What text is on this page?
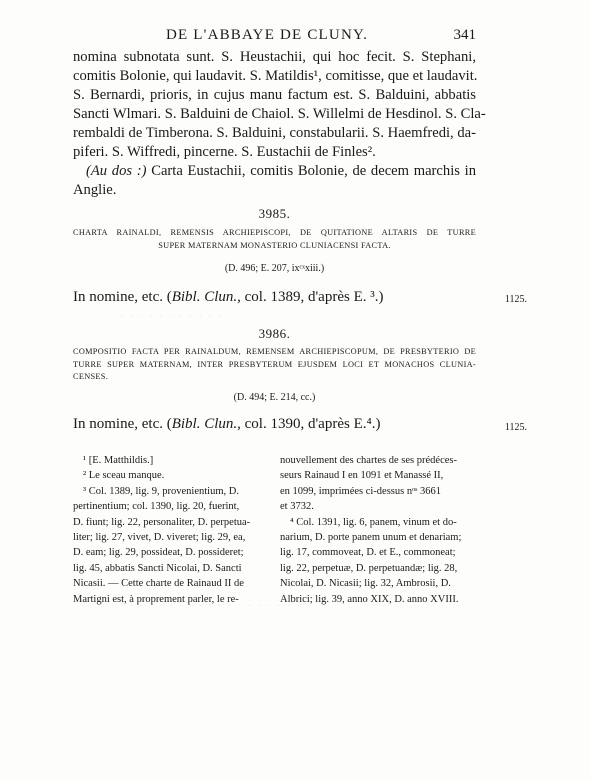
DE L'ABBAYE DE CLUNY.	341
nomina subnotata sunt. S. Heustachii, qui hoc fecit. S. Stephani,
comitis Bolonie, qui laudavit. S. Matildis¹, comitisse, que et laudavit.
S. Bernardi, prioris, in cujus manu factum est. S. Balduini, abbatis
Sancti Wlmari. S. Balduini de Chaiol. S. Willelmi de Hesdinol. S. Cla-
rembaldi de Timberona. S. Balduini, constabularii. S. Haemfredi, da-
piferi. S. Wiffredi, pincerne. S. Eustachii de Finles².
(Au dos :) Carta Eustachii, comitis Bolonie, de decem marchis in
Anglie.
3985.
CHARTA RAINALDI, REMENSIS ARCHIEPISCOPI, DE QUITATIONE ALTARIS DE TURRE
SUPER MATERNAM MONASTERIO CLUNIACENSI FACTA.
(D. 496; E. 207, ixᶜˣxiii.)
In nomine, etc. (Bibl. Clun., col. 1389, d'après E. ³.)	1125.
· · · · · · · · · · ·
3986.
COMPOSITIO FACTA PER RAINALDUM, REMENSEM ARCHIEPISCOPUM, DE PRESBYTERIO DE
TURRE SUPER MATERNAM, INTER PRESBYTERUM EJUSDEM LOCI ET MONACHOS CLUNIA-
CENSES.
(D. 494; E. 214, cc.)
In nomine, etc. (Bibl. Clun., col. 1390, d'après E.⁴.)	1125.
¹ [E. Matthildis.]
² Le sceau manque.
³ Col. 1389, lig. 9, provenientium, D.
pertinentium; col. 1390, lig. 20, fuerint,
D. fiunt; lig. 22, personaliter, D. perpetua-
liter; lig. 27, vivet, D. viveret; lig. 29, ea,
D. eam; lig. 29, possideat, D. possideret;
lig. 45, abbatis Sancti Nicolai, D. Sancti
Nicasii. — Cette charte de Rainaud II de
Martigni est, à proprement parler, le re-
nouvellement des chartes de ses prédéces-
seurs Rainaud I en 1091 et Manassé II,
en 1099, imprimées ci-dessus nᵒˢ 3661
et 3732.
⁴ Col. 1391, lig. 6, panem, vinum et do-
narium, D. porte panem unum et denariam;
lig. 17, commoveat, D. et E., commoneat;
lig. 22, perpetuæ, D. perpetuandæ; lig. 28,
Nicolai, D. Nicasii; lig. 32, Ambrosii, D.
Albrici; lig. 39, anno XIX, D. anno XVIII.
· · · · · · · · · · · · · · · · · · · ·
